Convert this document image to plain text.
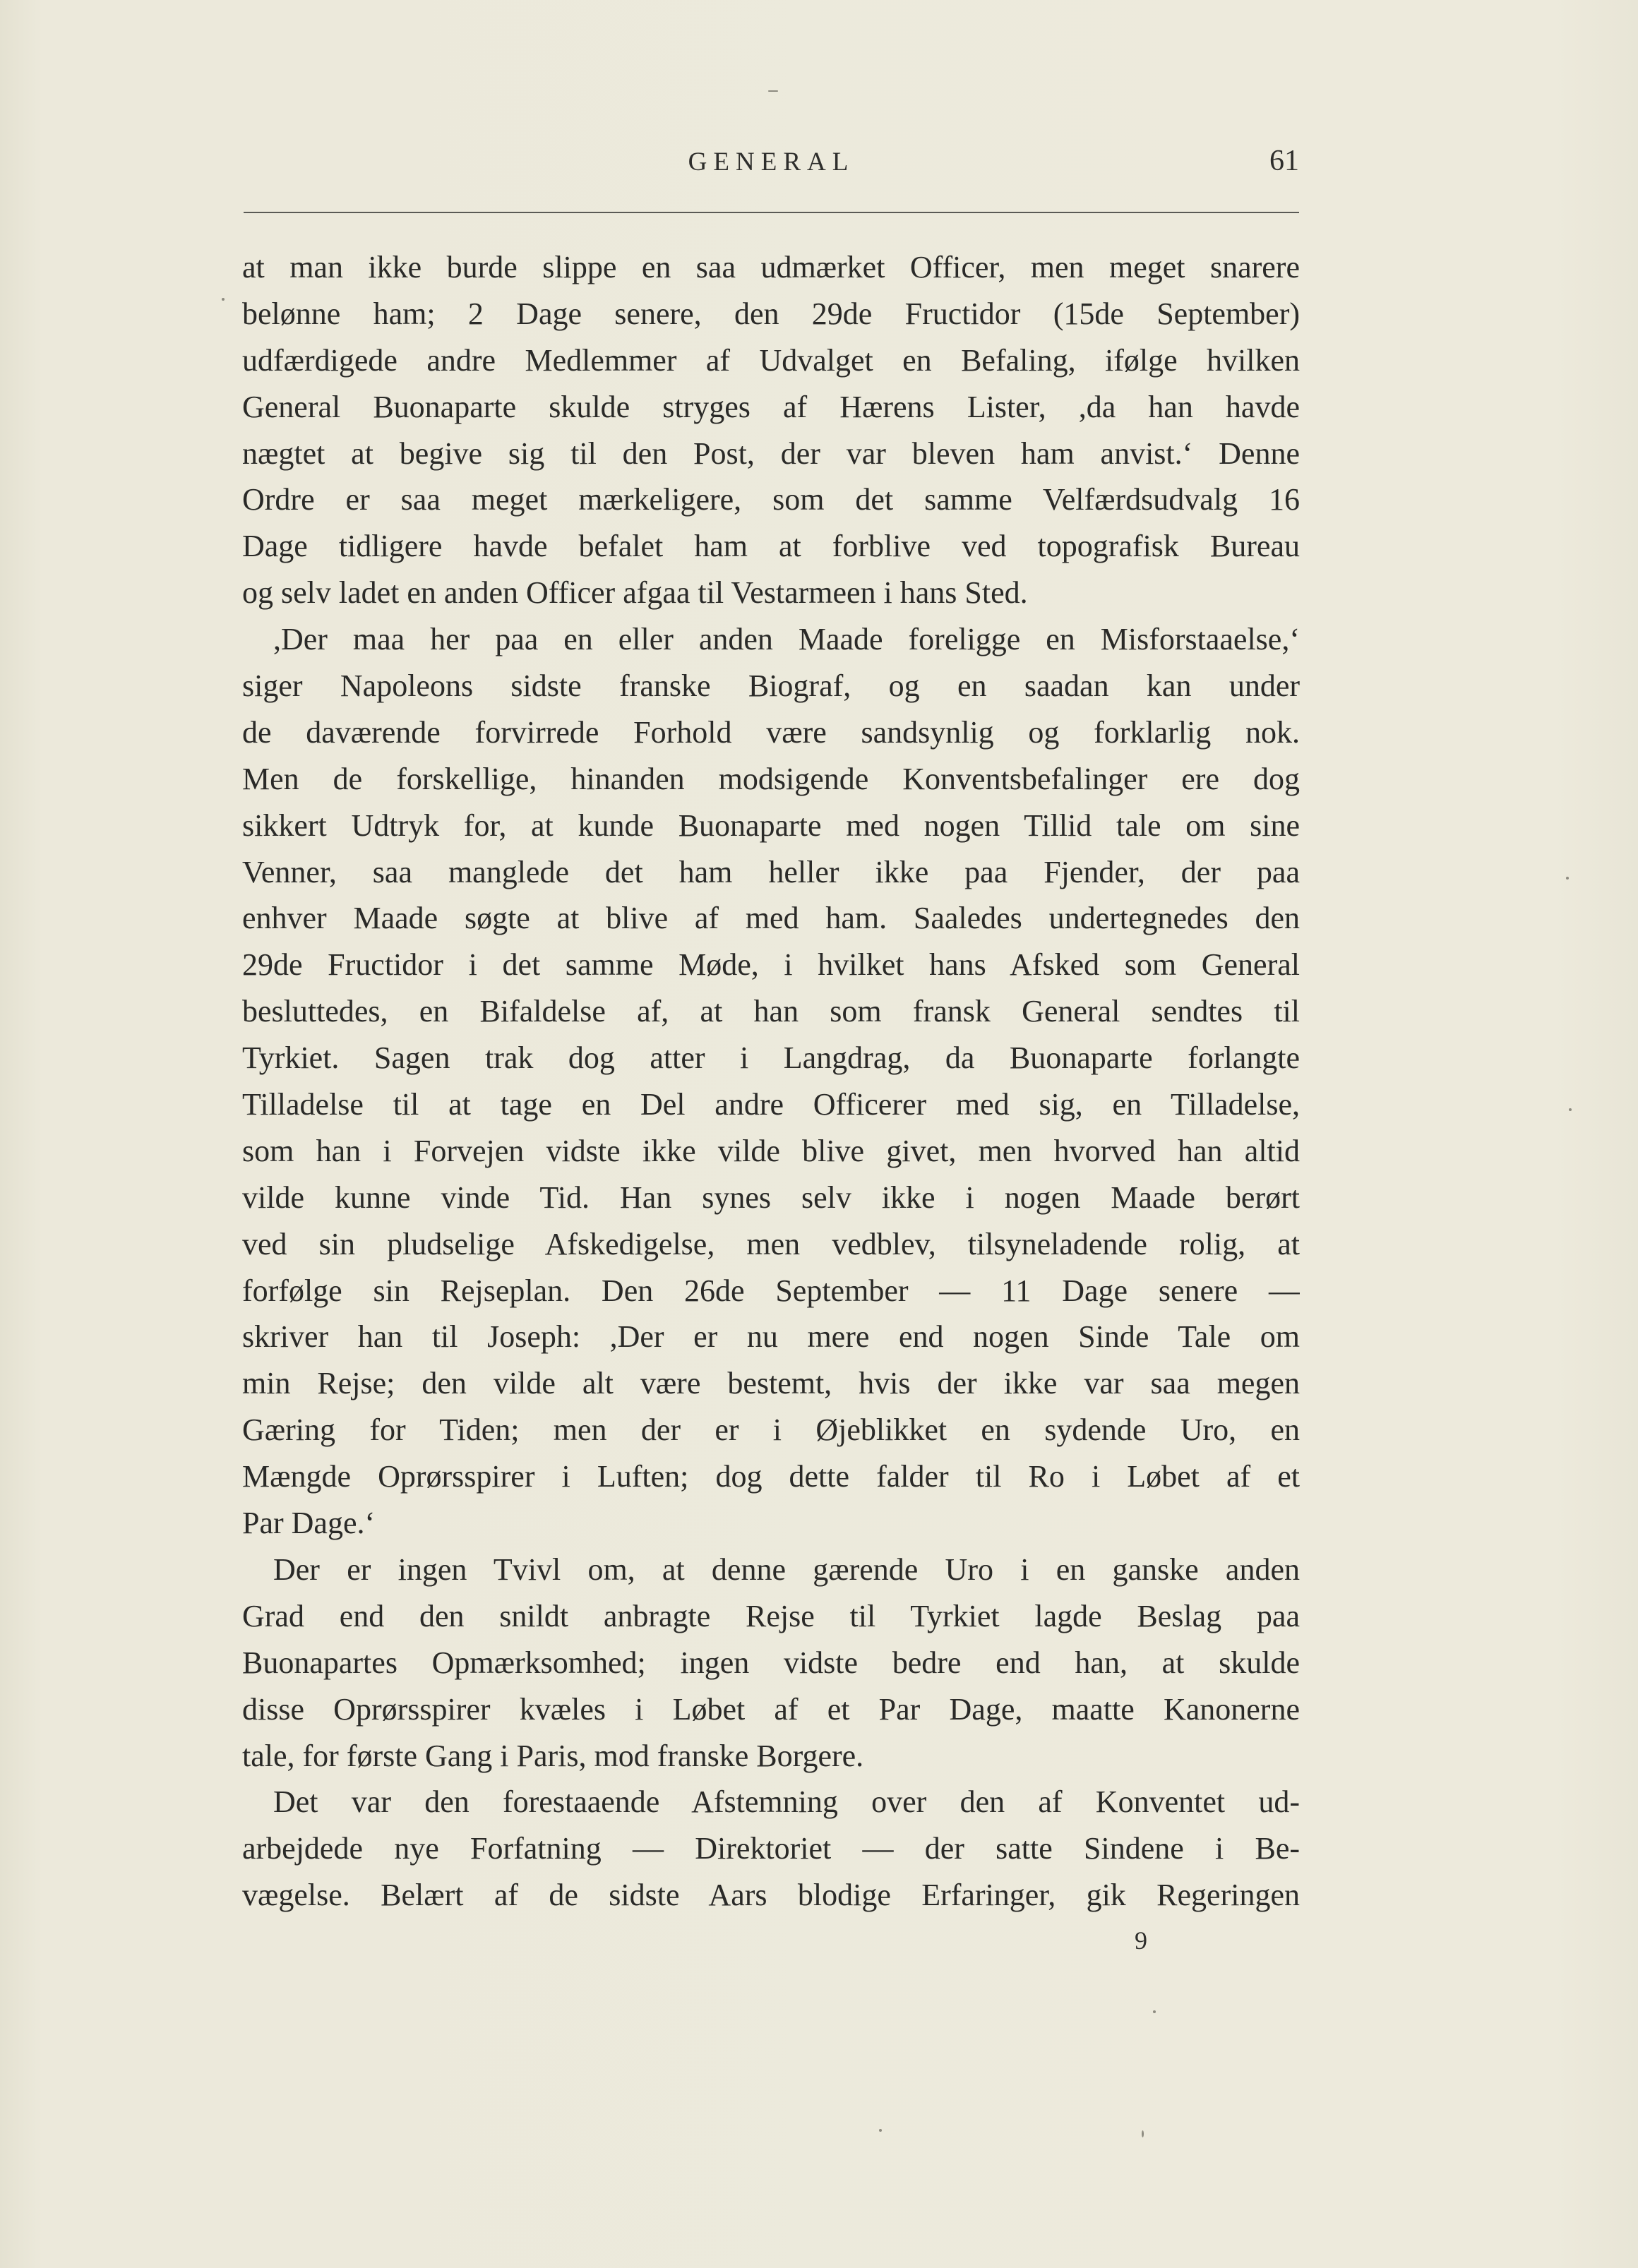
GENERAL	61
at man ikke burde slippe en saa udmærket Officer, men meget snarere
belønne ham; 2 Dage senere, den 29de Fructidor (15de September)
udfærdigede andre Medlemmer af Udvalget en Befaling, ifølge hvilken
General Buonaparte skulde stryges af Hærens Lister, ,da han havde
nægtet at begive sig til den Post, der var bleven ham anvist.‘ Denne
Ordre er saa meget mærkeligere, som det samme Velfærdsudvalg 16
Dage tidligere havde befalet ham at forblive ved topografisk Bureau
og selv ladet en anden Officer afgaa til Vestarmeen i hans Sted.
,Der maa her paa en eller anden Maade foreligge en Misforstaaelse,‘
siger Napoleons sidste franske Biograf, og en saadan kan under
de daværende forvirrede Forhold være sandsynlig og forklarlig nok.
Men de forskellige, hinanden modsigende Konventsbefalinger ere dog
sikkert Udtryk for, at kunde Buonaparte med nogen Tillid tale om sine
Venner, saa manglede det ham heller ikke paa Fjender, der paa
enhver Maade søgte at blive af med ham. Saaledes undertegnedes den
29de Fructidor i det samme Møde, i hvilket hans Afsked som General
besluttedes, en Bifaldelse af, at han som fransk General sendtes til
Tyrkiet. Sagen trak dog atter i Langdrag, da Buonaparte forlangte
Tilladelse til at tage en Del andre Officerer med sig, en Tilladelse,
som han i Forvejen vidste ikke vilde blive givet, men hvorved han altid
vilde kunne vinde Tid. Han synes selv ikke i nogen Maade berørt
ved sin pludselige Afskedigelse, men vedblev, tilsyneladende rolig, at
forfølge sin Rejseplan. Den 26de September — 11 Dage senere —
skriver han til Joseph: ,Der er nu mere end nogen Sinde Tale om
min Rejse; den vilde alt være bestemt, hvis der ikke var saa megen
Gæring for Tiden; men der er i Øjeblikket en sydende Uro, en
Mængde Oprørsspirer i Luften; dog dette falder til Ro i Løbet af et
Par Dage.‘
Der er ingen Tvivl om, at denne gærende Uro i en ganske anden
Grad end den snildt anbragte Rejse til Tyrkiet lagde Beslag paa
Buonapartes Opmærksomhed; ingen vidste bedre end han, at skulde
disse Oprørsspirer kvæles i Løbet af et Par Dage, maatte Kanonerne
tale, for første Gang i Paris, mod franske Borgere.
Det var den forestaaende Afstemning over den af Konventet ud-
arbejdede nye Forfatning — Direktoriet — der satte Sindene i Be-
vægelse. Belært af de sidste Aars blodige Erfaringer, gik Regeringen
9
